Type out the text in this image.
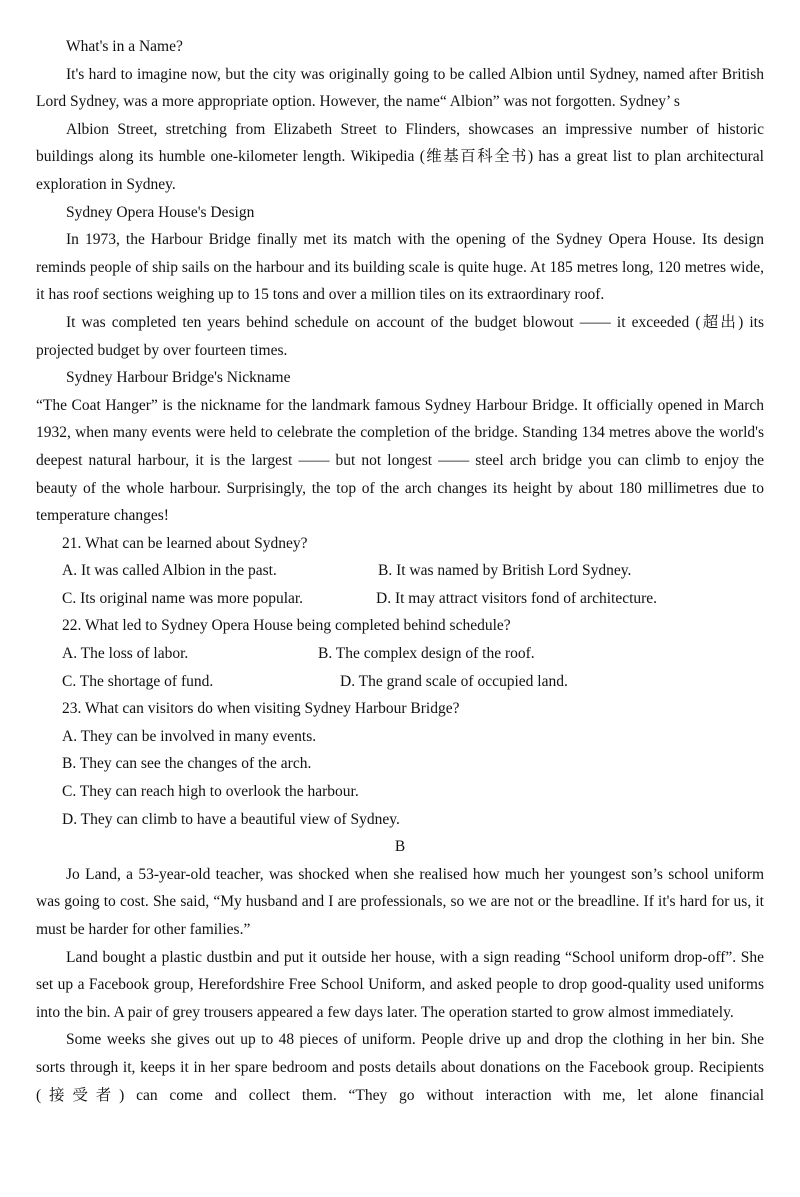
What's in a Name?

It's hard to imagine now, but the city was originally going to be called Albion until Sydney, named after British Lord Sydney, was a more appropriate option. However, the name“ Albion” was not forgotten. Sydney’ s

Albion Street, stretching from Elizabeth Street to Flinders, showcases an impressive number of historic buildings along its humble one-kilometer length. Wikipedia (维基百科全书) has a great list to plan architectural exploration in Sydney.

Sydney Opera House's Design

In 1973, the Harbour Bridge finally met its match with the opening of the Sydney Opera House. Its design reminds people of ship sails on the harbour and its building scale is quite huge. At 185 metres long, 120 metres wide, it has roof sections weighing up to 15 tons and over a million tiles on its extraordinary roof.

It was completed ten years behind schedule on account of the budget blowout —— it exceeded (超出) its projected budget by over fourteen times.

Sydney Harbour Bridge's Nickname

“The Coat Hanger” is the nickname for the landmark famous Sydney Harbour Bridge. It officially opened in March 1932, when many events were held to celebrate the completion of the bridge. Standing 134 metres above the world's deepest natural harbour, it is the largest —— but not longest —— steel arch bridge you can climb to enjoy the beauty of the whole harbour. Surprisingly, the top of the arch changes its height by about 180 millimetres due to temperature changes!

21. What can be learned about Sydney?

A. It was called Albion in the past.	B. It was named by British Lord Sydney.
C. Its original name was more popular.	D. It may attract visitors fond of architecture.

22. What led to Sydney Opera House being completed behind schedule?

A. The loss of labor.	B. The complex design of the roof.
C. The shortage of fund.	D. The grand scale of occupied land.

23. What can visitors do when visiting Sydney Harbour Bridge?

A. They can be involved in many events.

B. They can see the changes of the arch.

C. They can reach high to overlook the harbour.

D. They can climb to have a beautiful view of Sydney.

B

Jo Land, a 53-year-old teacher, was shocked when she realised how much her youngest son’s school uniform was going to cost. She said, “My husband and I are professionals, so we are not or the breadline. If it's hard for us, it must be harder for other families.”

Land bought a plastic dustbin and put it outside her house, with a sign reading “School uniform drop-off”. She set up a Facebook group, Herefordshire Free School Uniform, and asked people to drop good-quality used uniforms into the bin. A pair of grey trousers appeared a few days later. The operation started to grow almost immediately.

Some weeks she gives out up to 48 pieces of uniform. People drive up and drop the clothing in her bin. She sorts through it, keeps it in her spare bedroom and posts details about donations on the Facebook group. Recipients (接受者) can come and collect them. “They go without interaction with me, let alone financial
